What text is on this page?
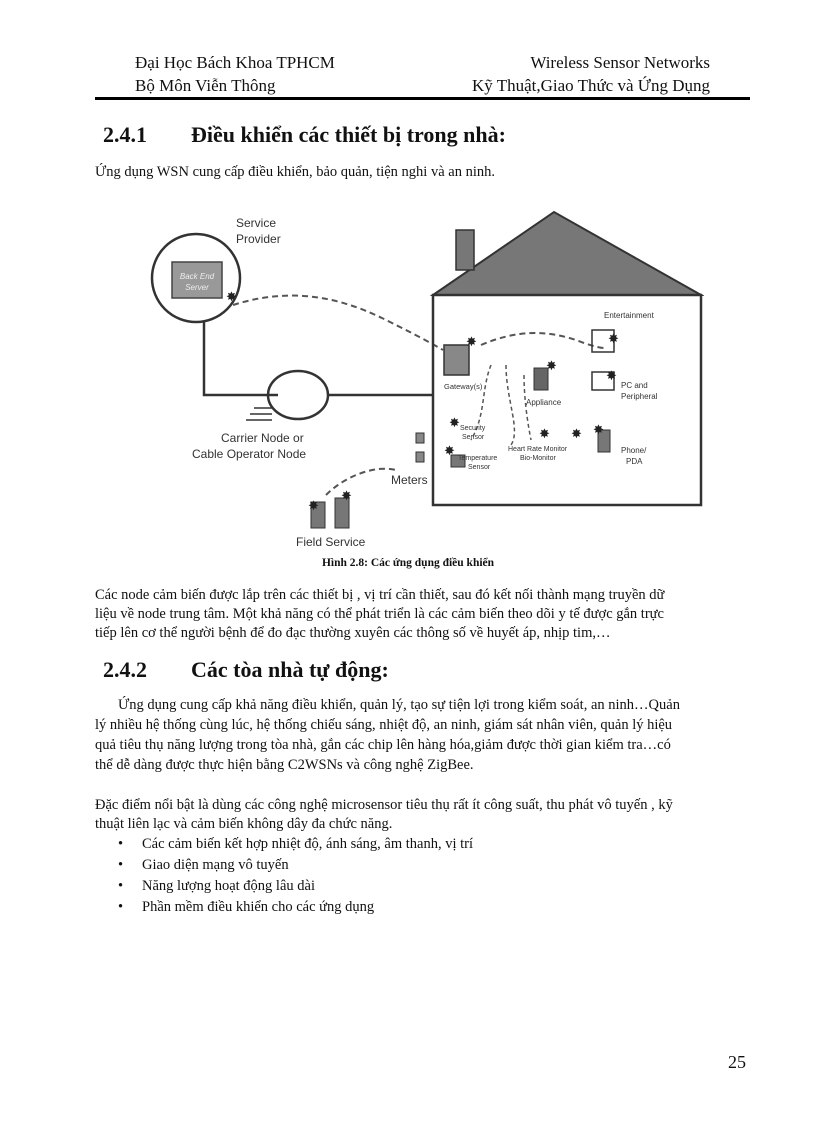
Đại Học Bách Khoa TPHCM
Bộ Môn Viễn Thông
Wireless Sensor Networks
Kỹ Thuật,Giao Thức và Ứng Dụng
2.4.1 Điều khiển các thiết bị trong nhà:
Ứng dụng WSN cung cấp điều khiển, bảo quản, tiện nghi và an ninh.
Service
Provider
Back End
Server
Carrier Node or
Cable Operator Node
Gateway(s)
Appliance
Entertainment
PC and
Peripheral
Phone/
PDA
Security
Sensor
Temperature
Sensor
Heart Rate Monitor
Bio-Monitor
Meters
Field Service
✸
✸
✸
✸
✸
✸ ✸
✸
✸
✸
✸
✸
Hình 2.8: Các ứng dụng điều khiển
Các node cảm biến được lắp trên các thiết bị , vị trí cần thiết, sau đó kết nối thành mạng truyền dữ
liệu về node trung tâm. Một khả năng có thể phát triển là các cảm biến theo dõi y tế được gắn trực
tiếp lên cơ thể người bệnh để đo đạc thường xuyên các thông số về huyết áp, nhịp tim,…
2.4.2 Các tòa nhà tự động:
Ứng dụng cung cấp khả năng điều khiển, quản lý, tạo sự tiện lợi trong kiểm soát, an ninh…Quản
lý nhiều hệ thống cùng lúc, hệ thống chiếu sáng, nhiệt độ, an ninh, giám sát nhân viên, quản lý hiệu
quả tiêu thụ năng lượng trong tòa nhà, gắn các chip lên hàng hóa,giảm được thời gian kiểm tra…có
thể dễ dàng được thực hiện bằng C2WSNs và công nghệ ZigBee.
Đặc điểm nổi bật là dùng các công nghệ microsensor tiêu thụ rất ít công suất, thu phát vô tuyến , kỹ
thuật liên lạc và cảm biến không dây đa chức năng.
• Các cảm biến kết hợp nhiệt độ, ánh sáng, âm thanh, vị trí
• Giao diện mạng vô tuyến
• Năng lượng hoạt động lâu dài
• Phần mềm điều khiển cho các ứng dụng
25
